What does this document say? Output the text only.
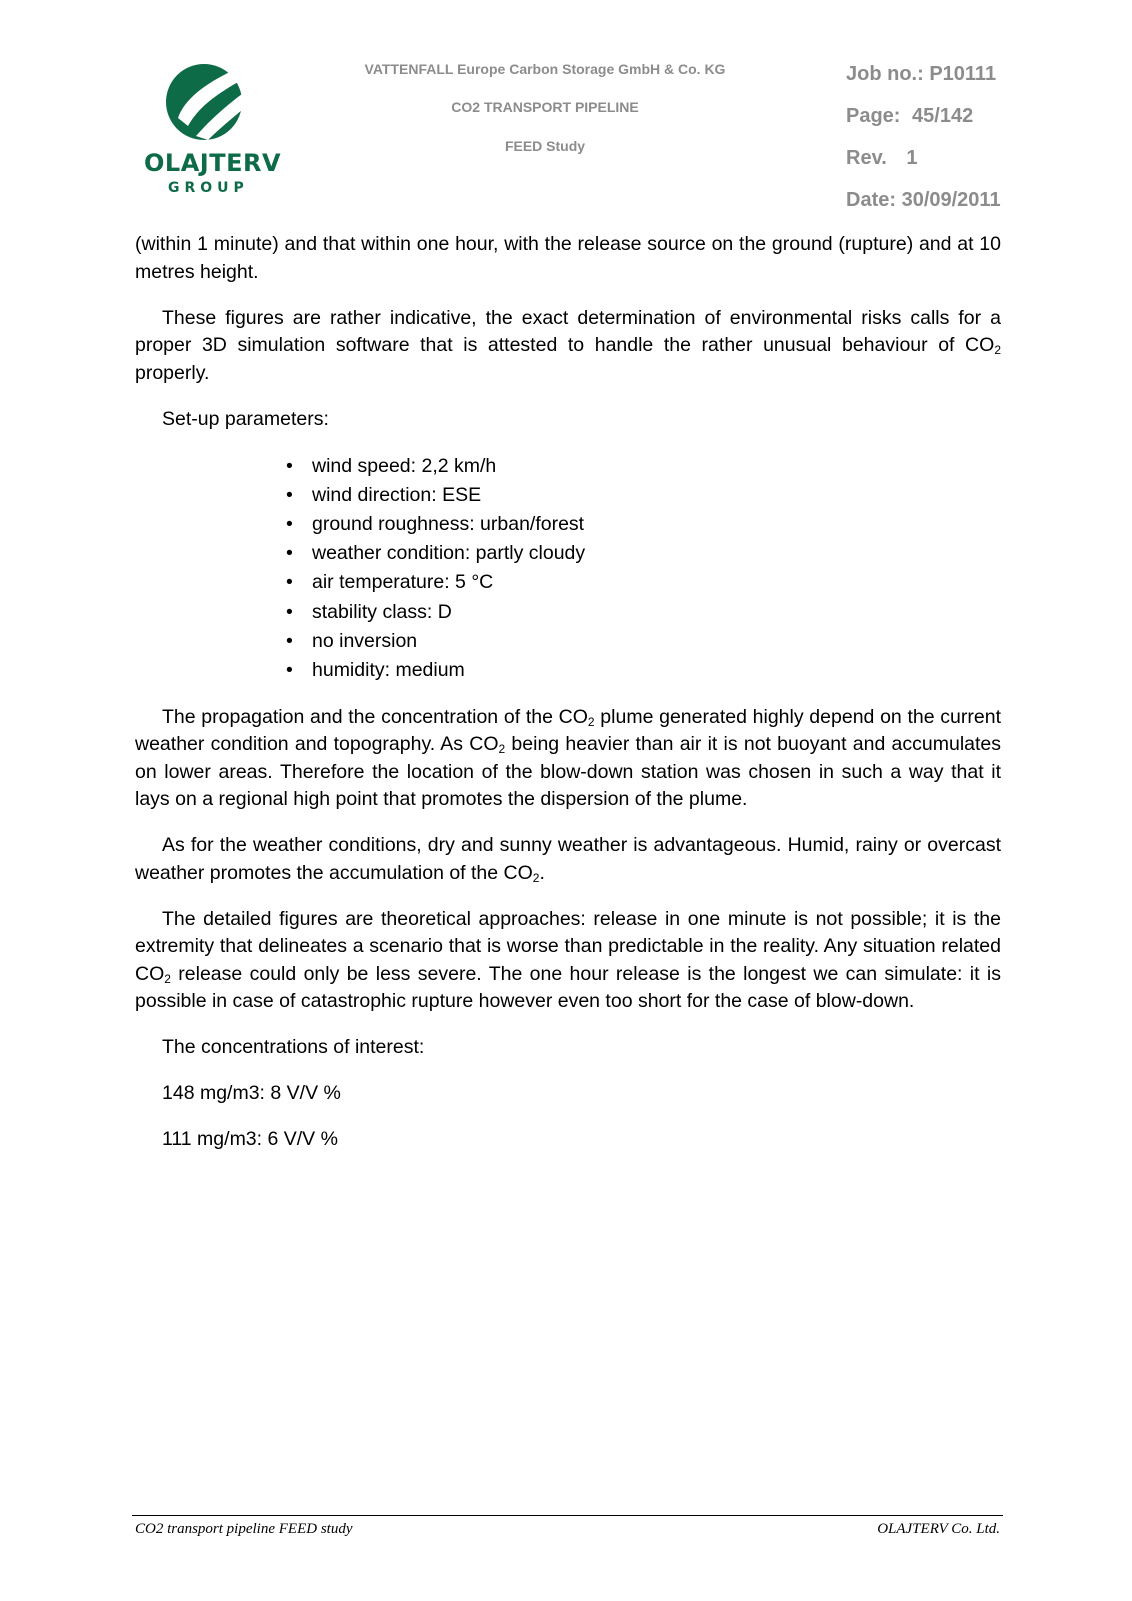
OLAJTERV
GROUP
VATTENFALL Europe Carbon Storage GmbH & Co. KG
CO2 TRANSPORT PIPELINE
FEED Study
Job no.: P10111
Page: 45/142
Rev. 1
Date: 30/09/2011

(within 1 minute) and that within one hour, with the release source on the ground (rupture) and at 10 metres height.

These figures are rather indicative, the exact determination of environmental risks calls for a proper 3D simulation software that is attested to handle the rather unusual behaviour of $CO_2$ properly.

Set-up parameters:

• wind speed: 2,2 km/h
• wind direction: ESE
• ground roughness: urban/forest
• weather condition: partly cloudy
• air temperature: 5 °C
• stability class: D
• no inversion
• humidity: medium

The propagation and the concentration of the $CO_2$ plume generated highly depend on the current weather condition and topography. As $CO_2$ being heavier than air it is not buoyant and accumulates on lower areas. Therefore the location of the blow-down station was chosen in such a way that it lays on a regional high point that promotes the dispersion of the plume.

As for the weather conditions, dry and sunny weather is advantageous. Humid, rainy or overcast weather promotes the accumulation of the $CO_2$.

The detailed figures are theoretical approaches: release in one minute is not possible; it is the extremity that delineates a scenario that is worse than predictable in the reality. Any situation related $CO_2$ release could only be less severe. The one hour release is the longest we can simulate: it is possible in case of catastrophic rupture however even too short for the case of blow-down.

The concentrations of interest:

148 mg/m3: 8 V/V %

111 mg/m3: 6 V/V %

CO2 transport pipeline FEED study	OLAJTERV Co. Ltd.
